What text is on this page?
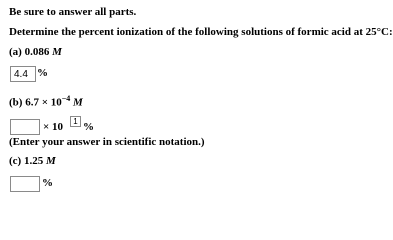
Be sure to answer all parts.
Determine the percent ionization of the following solutions of formic acid at 25°C:
(a) 0.086 M
4.4
%
(b) $6.7 \times 10^{-4}$ M
× 10
1 %
(Enter your answer in scientific notation.)
(c) 1.25 M
%
